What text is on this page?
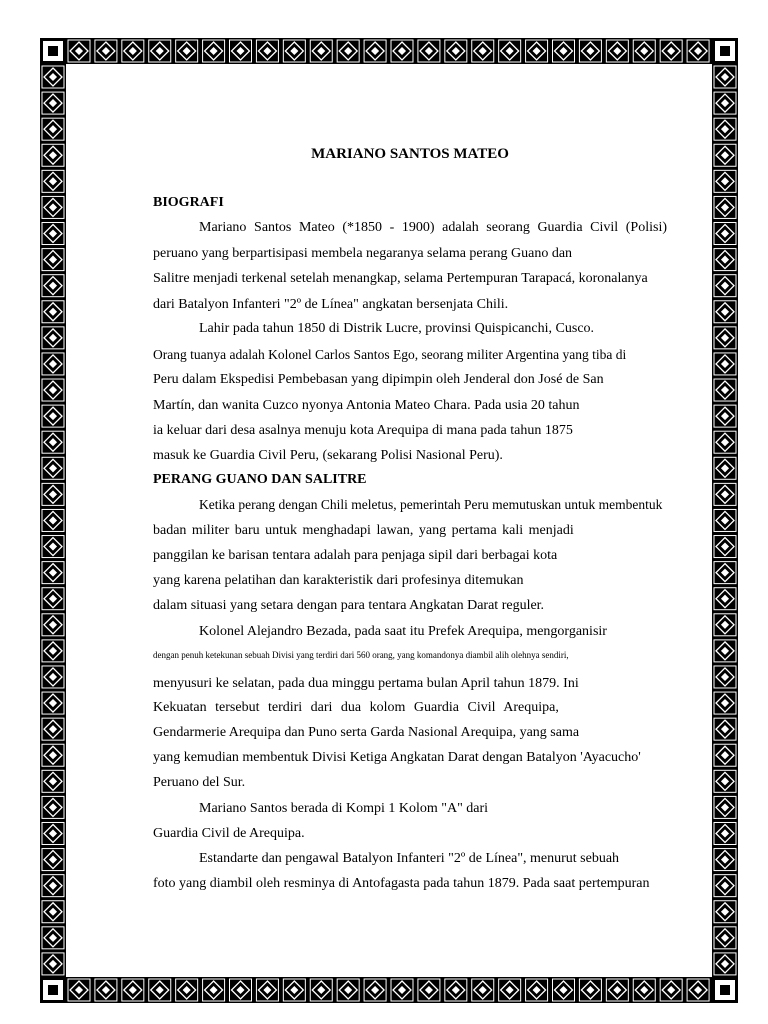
MARIANO SANTOS MATEO
BIOGRAFI
Mariano Santos Mateo (*1850 - 1900) adalah seorang Guardia Civil (Polisi)
peruano yang berpartisipasi membela negaranya selama perang Guano dan
Salitre menjadi terkenal setelah menangkap, selama Pertempuran Tarapacá, koronalanya
dari Batalyon Infanteri "2º de Línea" angkatan bersenjata Chili.
Lahir pada tahun 1850 di Distrik Lucre, provinsi Quispicanchi, Cusco.
Orang tuanya adalah Kolonel Carlos Santos Ego, seorang militer Argentina yang tiba di
Peru dalam Ekspedisi Pembebasan yang dipimpin oleh Jenderal don José de San
Martín, dan wanita Cuzco nyonya Antonia Mateo Chara. Pada usia 20 tahun
ia keluar dari desa asalnya menuju kota Arequipa di mana pada tahun 1875
masuk ke Guardia Civil Peru, (sekarang Polisi Nasional Peru).
PERANG GUANO DAN SALITRE
Ketika perang dengan Chili meletus, pemerintah Peru memutuskan untuk membentuk
badan militer baru untuk menghadapi lawan, yang pertama kali menjadi
panggilan ke barisan tentara adalah para penjaga sipil dari berbagai kota
yang karena pelatihan dan karakteristik dari profesinya ditemukan
dalam situasi yang setara dengan para tentara Angkatan Darat reguler.
Kolonel Alejandro Bezada, pada saat itu Prefek Arequipa, mengorganisir
dengan penuh ketekunan sebuah Divisi yang terdiri dari 560 orang, yang komandonya diambil alih olehnya sendiri,
menyusuri ke selatan, pada dua minggu pertama bulan April tahun 1879. Ini
Kekuatan tersebut terdiri dari dua kolom Guardia Civil Arequipa,
Gendarmerie Arequipa dan Puno serta Garda Nasional Arequipa, yang sama
yang kemudian membentuk Divisi Ketiga Angkatan Darat dengan Batalyon 'Ayacucho'
Peruano del Sur.
Mariano Santos berada di Kompi 1 Kolom "A" dari
Guardia Civil de Arequipa.
Estandarte dan pengawal Batalyon Infanteri "2º de Línea", menurut sebuah
foto yang diambil oleh resminya di Antofagasta pada tahun 1879. Pada saat pertempuran
